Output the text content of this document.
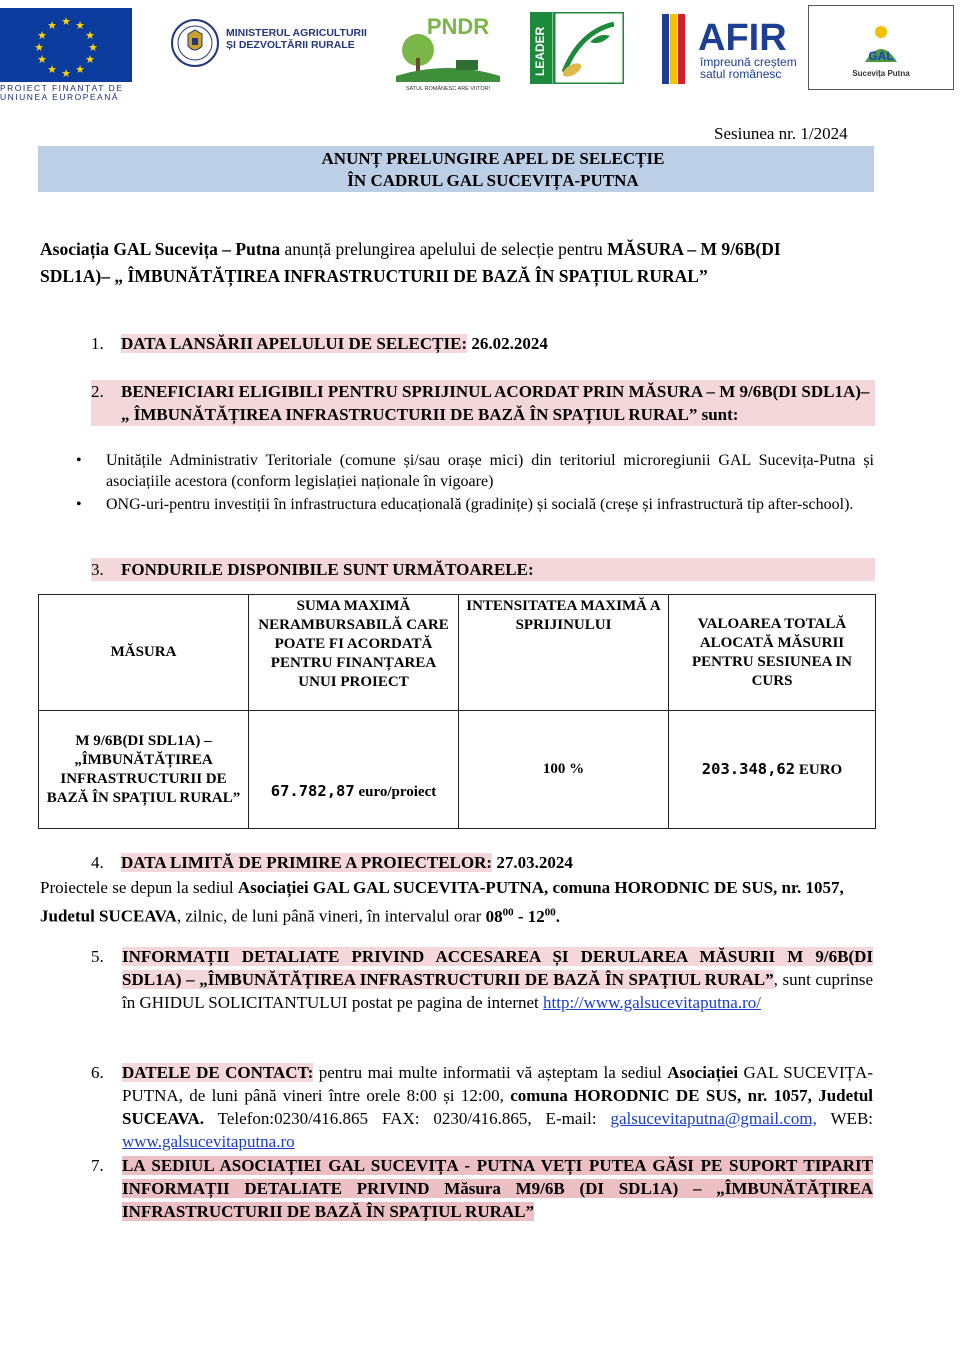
★ ★
★
★
★
★
★
★
★
★
★
★
PROIECT FINANȚAT DE
UNIUNEA EUROPEANĂ
MINISTERUL AGRICULTURII
ȘI DEZVOLTĂRII RURALE
PNDR
SATUL ROMÂNESC ARE VIITOR!
LEADER	AFIR
împreună creștem
satul românesc
GAL
Sucevița Putna
Sesiunea nr. 1/2024
ANUNȚ PRELUNGIRE APEL DE SELECȚIE
ÎN CADRUL GAL SUCEVIȚA-PUTNA
Asociația GAL Sucevița – Putna anunță prelungirea apelului de selecție pentru MĂSURA – M 9/6B(DI SDL1A)– „ ÎMBUNĂTĂȚIREA INFRASTRUCTURII DE BAZĂ ÎN SPAȚIUL RURAL”
1. DATA LANSĂRII APELULUI DE SELECȚIE: 26.02.2024
2.	BENEFICIARI ELIGIBILI PENTRU SPRIJINUL ACORDAT PRIN MĂSURA – M 9/6B(DI SDL1A)– „ ÎMBUNĂTĂȚIREA INFRASTRUCTURII DE BAZĂ ÎN SPAȚIUL RURAL” sunt:
• Unitățile Administrativ Teritoriale (comune și/sau orașe mici) din teritoriul microregiunii GAL Sucevița-Putna și asociațiile acestora (conform legislației naționale în vigoare)
• ONG-uri-pentru investiții în infrastructura educațională (gradinițe) și socială (creșe și infrastructură tip after-school).
3. FONDURILE DISPONIBILE SUNT URMĂTOARELE:
MĂSURA	SUMA MAXIMĂ NERAMBURSABILĂ CARE POATE FI ACORDATĂ PENTRU FINANȚAREA UNUI PROIECT	INTENSITATEA MAXIMĂ A SPRIJINULUI	VALOAREA TOTALĂ ALOCATĂ MĂSURII PENTRU SESIUNEA IN CURS
M 9/6B(DI SDL1A) – „ÎMBUNĂTĂȚIREA INFRASTRUCTURII DE BAZĂ ÎN SPAȚIUL RURAL”	67.782,87 euro/proiect	100 %	203.348,62 EURO
4. DATA LIMITĂ DE PRIMIRE A PROIECTELOR: 27.03.2024
Proiectele se depun la sediul Asociației GAL GAL SUCEVITA-PUTNA, comuna HORODNIC DE SUS, nr. 1057, Judetul SUCEAVA, zilnic, de luni până vineri, în intervalul orar $08^{00} - 12^{00}$.
5.	INFORMAȚII DETALIATE PRIVIND ACCESAREA ȘI DERULAREA MĂSURII M 9/6B(DI SDL1A) – „ÎMBUNĂTĂȚIREA INFRASTRUCTURII DE BAZĂ ÎN SPAȚIUL RURAL”, sunt cuprinse în GHIDUL SOLICITANTULUI postat pe pagina de internet http://www.galsucevitaputna.ro/
6.	DATELE DE CONTACT: pentru mai multe informatii vă așteptam la sediul Asociației GAL SUCEVIȚA- PUTNA, de luni până vineri între orele 8:00 și 12:00, comuna HORODNIC DE SUS, nr. 1057, Judetul SUCEAVA. Telefon:0230/416.865 FAX: 0230/416.865, E-mail: galsucevitaputna@gmail.com, WEB: www.galsucevitaputna.ro
7.	LA SEDIUL ASOCIAȚIEI GAL SUCEVIȚA - PUTNA VEȚI PUTEA GĂSI PE SUPORT TIPARIT INFORMAȚII DETALIATE PRIVIND Măsura M9/6B (DI SDL1A) – „ÎMBUNĂTĂȚIREA INFRASTRUCTURII DE BAZĂ ÎN SPAȚIUL RURAL”
